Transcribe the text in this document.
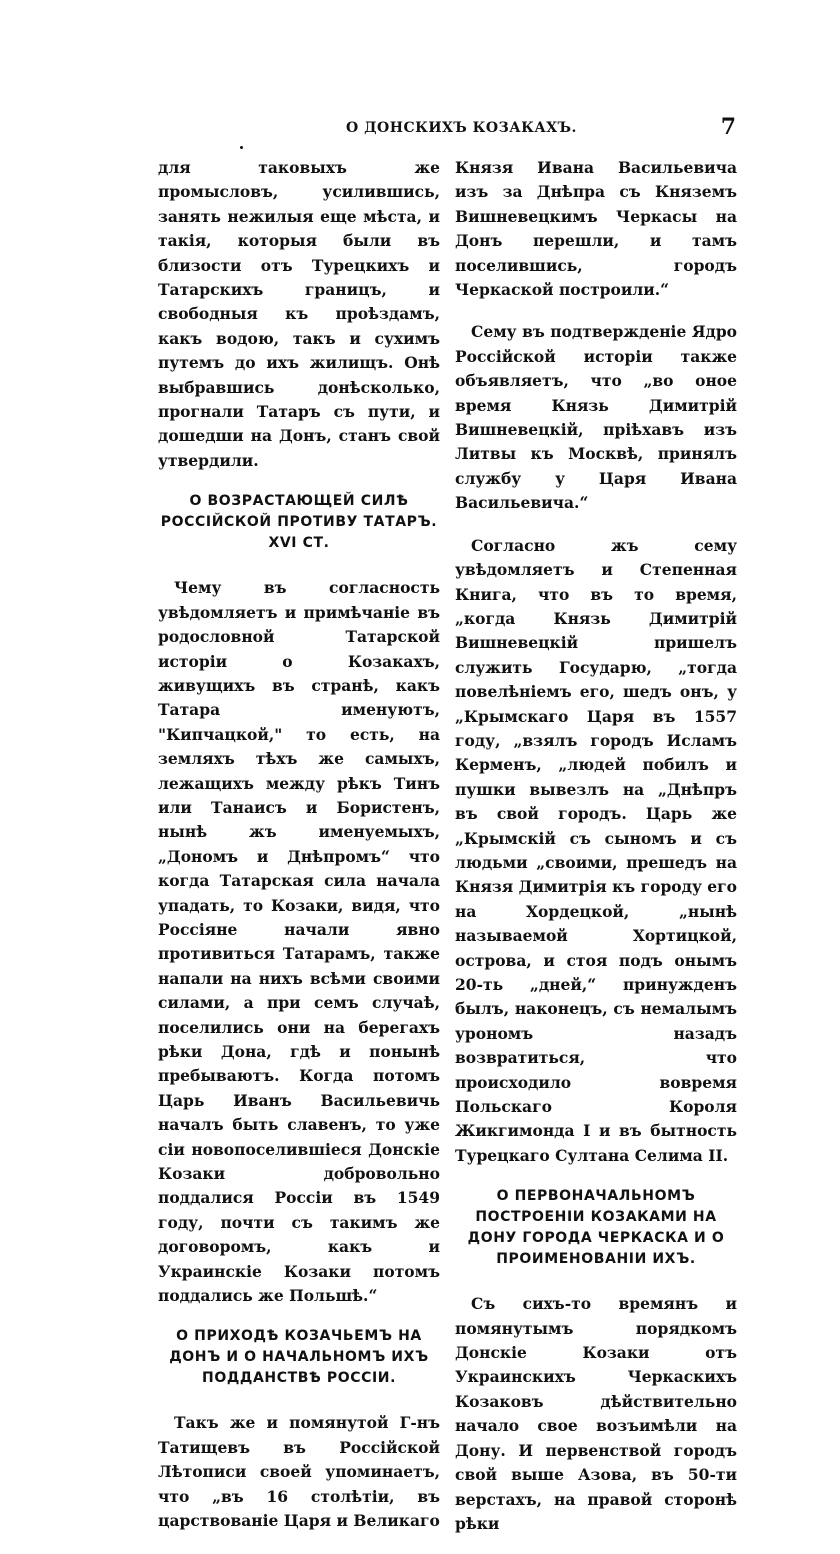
О ДОНСКИХЪ КОЗАКАХЪ.	7

для таковыхъ же промысловъ, усилившись, занять нежилыя еще мѣста, и такія, которыя были въ близости отъ Турецкихъ и Татарскихъ границъ, и свободныя къ проѣздамъ, какъ водою, такъ и сухимъ путемъ до ихъ жилищъ. Онѣ выбравшись донѣсколько, прогнали Татаръ съ пути, и дошедши на Донъ, станъ свой утвердили.

О ВОЗРАСТАЮЩЕЙ СИЛѢ РОССІЙСКОЙ ПРОТИВУ ТАТАРЪ. XVI СТ.

Чему въ согласность увѣдомляетъ и примѣчаніе въ родословной Татарской исторіи о Козакахъ, живущихъ въ странѣ, какъ Татара именуютъ, "Кипчацкой," то есть, на земляхъ тѣхъ же самыхъ, лежащихъ между рѣкъ Тинъ или Танаисъ и Бористенъ, нынѣ жъ именуемыхъ, „Дономъ и Днѣпромъ“ что когда Татарская сила начала упадать, то Козаки, видя, что Россіяне начали явно противиться Татарамъ, также напали на нихъ всѣми своими силами, а при семъ случаѣ, поселились они на берегахъ рѣки Дона, гдѣ и понынѣ пребываютъ. Когда потомъ Царь Иванъ Васильевичь началъ быть славенъ, то уже сіи новопоселившіеся Донскіе Козаки добровольно поддалися Россіи въ 1549 году, почти съ такимъ же договоромъ, какъ и Украинскіе Козаки потомъ поддались же Польшѣ.“

О ПРИХОДѢ КОЗАЧЬЕМЪ НА ДОНЪ И О НАЧАЛЬНОМЪ ИХЪ ПОДДАНСТВѢ РОССІИ.

Такъ же и помянутой Г-нъ Татищевъ въ Россійской Лѣтописи своей упоминаетъ, что „въ 16 столѣтіи, въ царствованіе Царя и Великаго

Князя Ивана Васильевича изъ за Днѣпра съ Княземъ Вишневецкимъ Черкасы на Донъ перешли, и тамъ поселившись, городъ Черкаской построили.“

Сему въ подтвержденіе Ядро Россійской исторіи также объявляетъ, что „во оное время Князь Димитрій Вишневецкій, пріѣхавъ изъ Литвы къ Москвѣ, принялъ службу у Царя Ивана Васильевича.“

Согласно жъ сему увѣдомляетъ и Степенная Книга, что въ то время, „когда Князь Димитрій Вишневецкій пришелъ служить Государю, „тогда повелѣніемъ его, шедъ онъ, у „Крымскаго Царя въ 1557 году, „взялъ городъ Исламъ Керменъ, „людей побилъ и пушки вывезлъ на „Днѣпръ въ свой городъ. Царь же „Крымскій съ сыномъ и съ людьми „своими, прешедъ на Князя Димитрія къ городу его на Хордецкой, „нынѣ называемой Хортицкой, острова, и стоя подъ онымъ 20-ть „дней,“ принужденъ былъ, наконецъ, съ немалымъ урономъ назадъ возвратиться, что происходило вовремя Польскаго Короля Жикгимонда I и въ бытность Турецкаго Султана Селима II.

О ПЕРВОНАЧАЛЬНОМЪ ПОСТРОЕНІИ КОЗАКАМИ НА ДОНУ ГОРОДА ЧЕРКАСКА И О ПРОИМЕНОВАНІИ ИХЪ.

Съ сихъ-то времянъ и помянутымъ порядкомъ Донскіе Козаки отъ Украинскихъ Черкаскихъ Козаковъ дѣйствительно начало свое возъимѣли на Дону. И первенствой городъ свой выше Азова, въ 50-ти верстахъ, на правой сторонѣ рѣки
